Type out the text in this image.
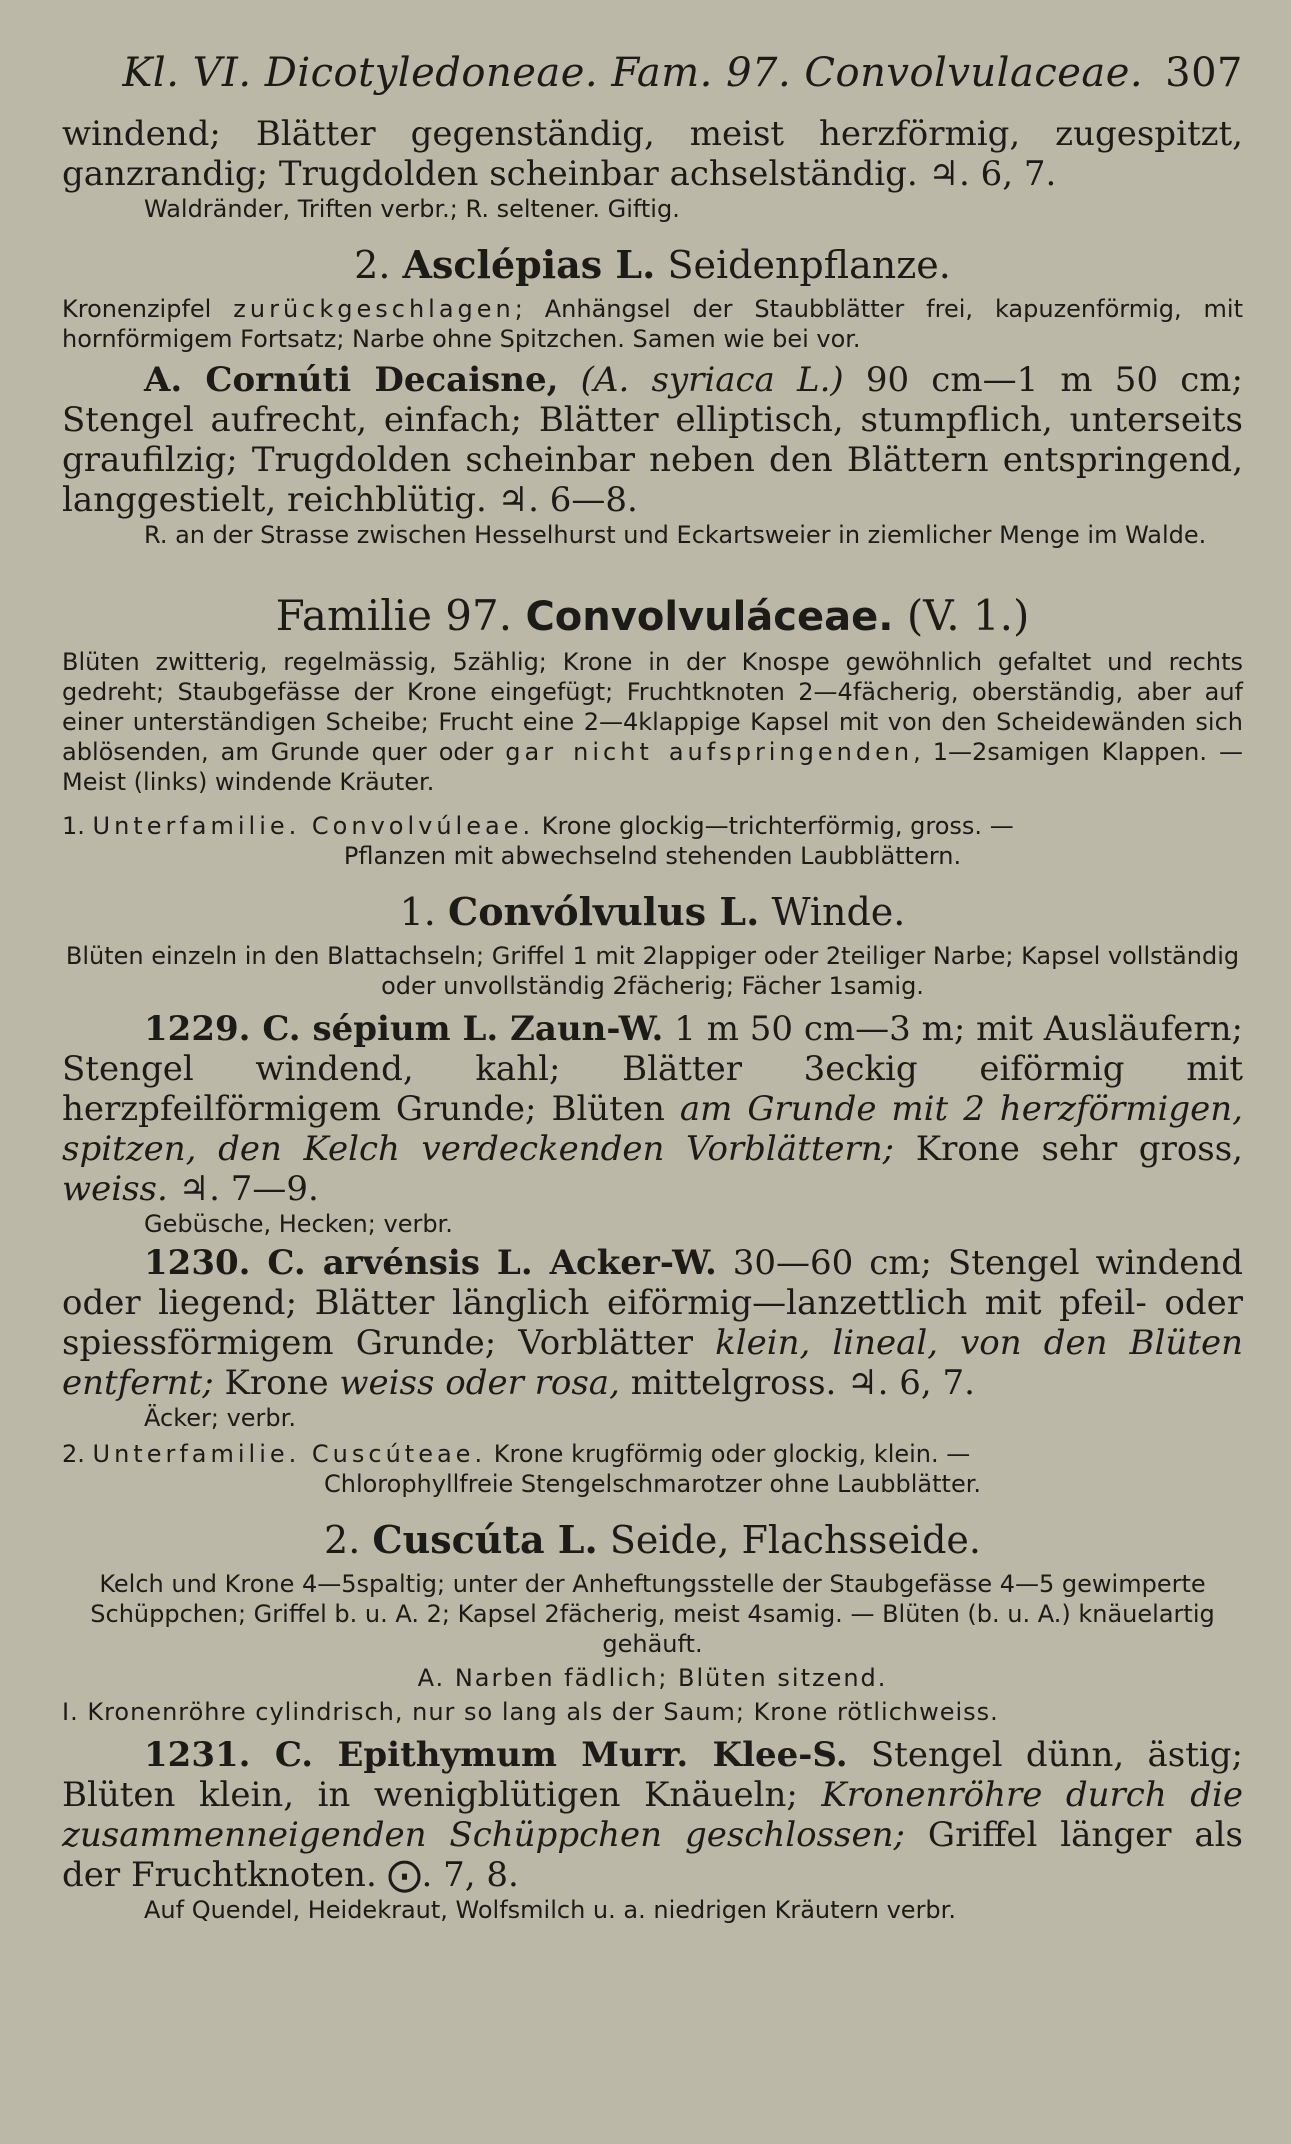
Kl. VI. Dicotyledoneae. Fam. 97. Convolvulaceae. 307
windend; Blätter gegenständig, meist herzförmig, zugespitzt, ganzrandig; Trugdolden scheinbar achselständig. ♃. 6, 7.
Waldränder, Triften verbr.; R. seltener. Giftig.
2. Asclépias L. Seidenpflanze.
Kronenzipfel zurückgeschlagen; Anhängsel der Staubblätter frei, kapuzenförmig, mit hornförmigem Fortsatz; Narbe ohne Spitzchen. Samen wie bei vor.
A. Cornúti Decaisne, (A. syriaca L.) 90 cm—1 m 50 cm; Stengel aufrecht, einfach; Blätter elliptisch, stumpflich, unterseits graufilzig; Trugdolden scheinbar neben den Blättern entspringend, langgestielt, reichblütig. ♃. 6—8.
R. an der Strasse zwischen Hesselhurst und Eckartsweier in ziemlicher Menge im Walde.
Familie 97. Convolvuláceae. (V. 1.)
Blüten zwitterig, regelmässig, 5zählig; Krone in der Knospe gewöhnlich gefaltet und rechts gedreht; Staubgefässe der Krone eingefügt; Fruchtknoten 2—4fächerig, oberständig, aber auf einer unterständigen Scheibe; Frucht eine 2—4klappige Kapsel mit von den Scheidewänden sich ablösenden, am Grunde quer oder gar nicht aufspringenden, 1—2samigen Klappen. — Meist (links) windende Kräuter.
1. Unterfamilie. Convolvúleae. Krone glockig—trichterförmig, gross. —
Pflanzen mit abwechselnd stehenden Laubblättern.
1. Convólvulus L. Winde.
Blüten einzeln in den Blattachseln; Griffel 1 mit 2lappiger oder 2teiliger Narbe; Kapsel vollständig oder unvollständig 2fächerig; Fächer 1samig.
1229. C. sépium L. Zaun-W. 1 m 50 cm—3 m; mit Ausläufern; Stengel windend, kahl; Blätter 3eckig eiförmig mit herzpfeilförmigem Grunde; Blüten am Grunde mit 2 herzförmigen, spitzen, den Kelch verdeckenden Vorblättern; Krone sehr gross, weiss. ♃. 7—9.
Gebüsche, Hecken; verbr.
1230. C. arvénsis L. Acker-W. 30—60 cm; Stengel windend oder liegend; Blätter länglich eiförmig—lanzettlich mit pfeil- oder spiessförmigem Grunde; Vorblätter klein, lineal, von den Blüten entfernt; Krone weiss oder rosa, mittelgross. ♃. 6, 7.
Äcker; verbr.
2. Unterfamilie. Cuscúteae. Krone krugförmig oder glockig, klein. —
Chlorophyllfreie Stengelschmarotzer ohne Laubblätter.
2. Cuscúta L. Seide, Flachsseide.
Kelch und Krone 4—5spaltig; unter der Anheftungsstelle der Staubgefässe 4—5 gewimperte Schüppchen; Griffel b. u. A. 2; Kapsel 2fächerig, meist 4samig. — Blüten (b. u. A.) knäuelartig gehäuft.
A. Narben fädlich; Blüten sitzend.
I. Kronenröhre cylindrisch, nur so lang als der Saum; Krone rötlichweiss.
1231. C. Epithymum Murr. Klee-S. Stengel dünn, ästig; Blüten klein, in wenigblütigen Knäueln; Kronenröhre durch die zusammenneigenden Schüppchen geschlossen; Griffel länger als der Fruchtknoten. ⨀. 7, 8.
Auf Quendel, Heidekraut, Wolfsmilch u. a. niedrigen Kräutern verbr.
